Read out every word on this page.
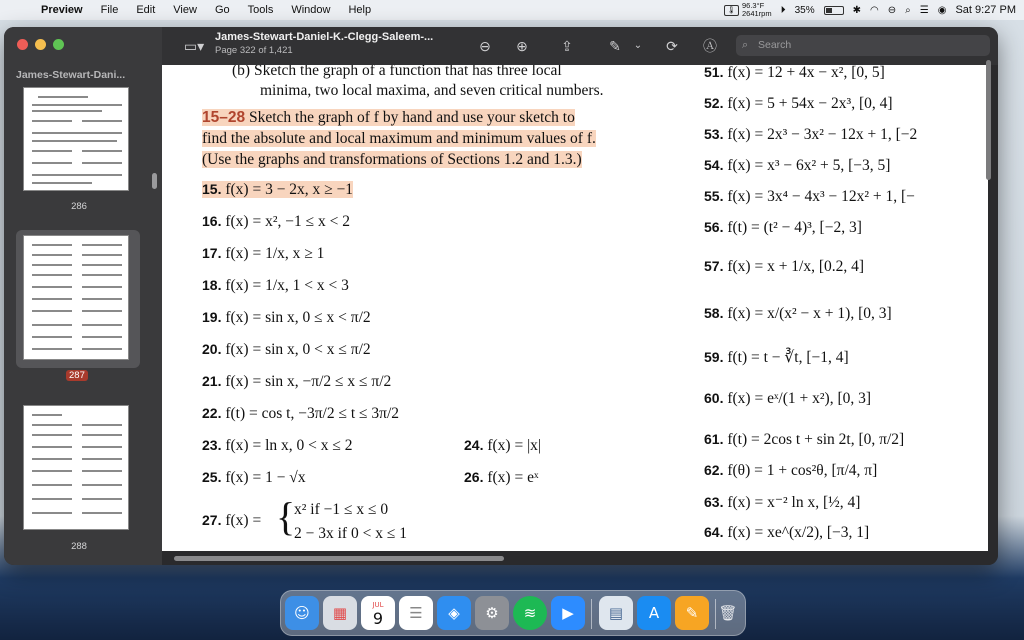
Preview	File	Edit	View	Go	Tools	Window	Help	🌡 96.3°F
2641rpm ⏵ 35%	✱ ◠ ⊖ ⌕ ☰ ◉ Sat 9:27 PM
James-Stewart-Dani...
286
287
288
▭▾
James-Stewart-Daniel-K.-Clegg-Saleem-...
Page 322 of 1,421	⊖ ⊕ ⇪	✎	⌄ ⟳ Ⓐ ⌕ Search
(b) Sketch the graph of a function that has three local
minima, two local maxima, and seven critical numbers.
15–28 Sketch the graph of f by hand and use your sketch to
find the absolute and local maximum and minimum values of f.
(Use the graphs and transformations of Sections 1.2 and 1.3.)
15. f(x) = 3 − 2x, x ≥ −1
16. f(x) = x², −1 ≤ x < 2
17. f(x) = 1/x, x ≥ 1
18. f(x) = 1/x, 1 < x < 3
19. f(x) = sin x, 0 ≤ x < π/2
20. f(x) = sin x, 0 < x ≤ π/2
21. f(x) = sin x, −π/2 ≤ x ≤ π/2
22. f(t) = cos t, −3π/2 ≤ t ≤ 3π/2
23. f(x) = ln x, 0 < x ≤ 2	24. f(x) = |x|
25. f(x) = 1 − √x	26. f(x) = eˣ
27. f(x) = {
x² if −1 ≤ x ≤ 0
2 − 3x if 0 < x ≤ 1
51. f(x) = 12 + 4x − x², [0, 5]
52. f(x) = 5 + 54x − 2x³, [0, 4]
53. f(x) = 2x³ − 3x² − 12x + 1, [−2
54. f(x) = x³ − 6x² + 5, [−3, 5]
55. f(x) = 3x⁴ − 4x³ − 12x² + 1, [−
56. f(t) = (t² − 4)³, [−2, 3]
57. f(x) = x + 1/x, [0.2, 4]
58. f(x) = x/(x² − x + 1), [0, 3]
59. f(t) = t − ∛t, [−1, 4]
60. f(x) = eˣ/(1 + x²), [0, 3]
61. f(t) = 2cos t + sin 2t, [0, π/2]
62. f(θ) = 1 + cos²θ, [π/4, π]
63. f(x) = x⁻² ln x, [½, 4]
64. f(x) = xe^(x/2), [−3, 1]
☺	▦	JUL
9	☰	◈	⚙	≋	▶	▤	A	✎	🗑
